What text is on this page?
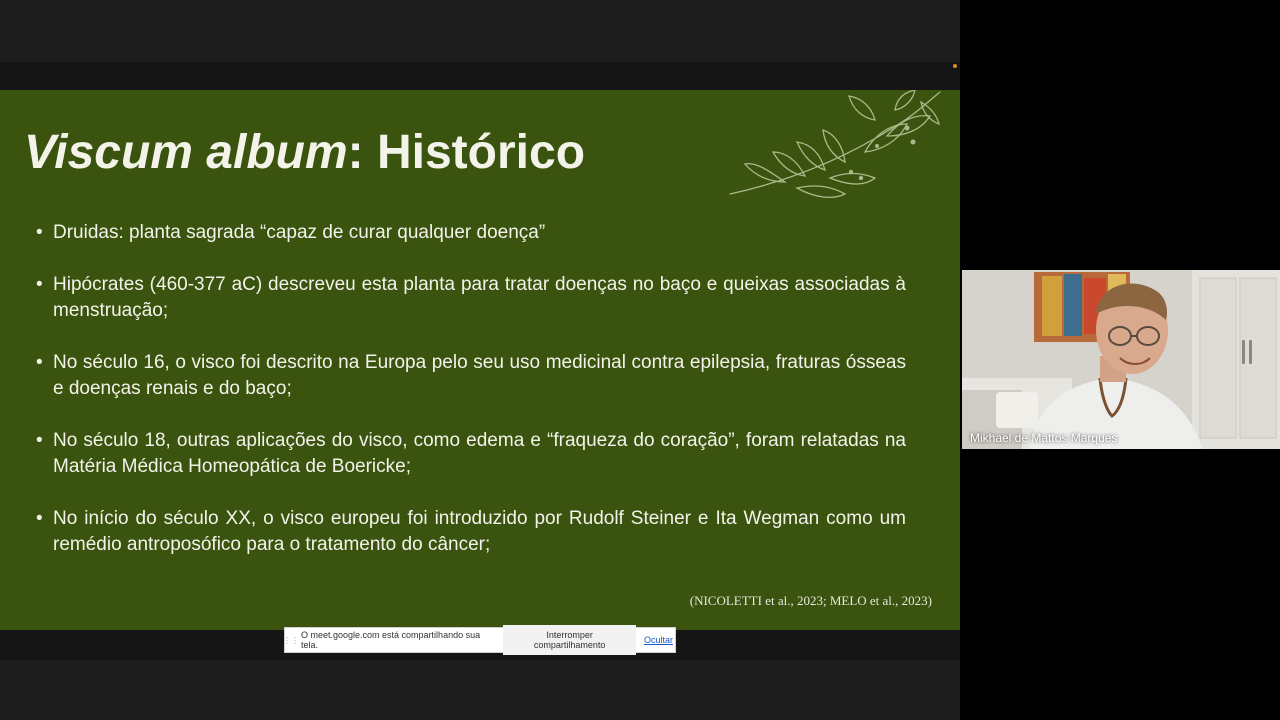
Viscum album: Histórico
• Druidas: planta sagrada “capaz de curar qualquer doença”
• Hipócrates (460-377 aC) descreveu esta planta para tratar doenças no baço e queixas associadas à menstruação;
• No século 16, o visco foi descrito na Europa pelo seu uso medicinal contra epilepsia, fraturas ósseas e doenças renais e do baço;
• No século 18, outras aplicações do visco, como edema e “fraqueza do coração”, foram relatadas na Matéria Médica Homeopática de Boericke;
• No início do século XX, o visco europeu foi introduzido por Rudolf Steiner e Ita Wegman como um remédio antroposófico para o tratamento do câncer;
(NICOLETTI et al., 2023; MELO et al., 2023)
⋮⋮ O meet.google.com está compartilhando sua tela.
Interromper compartilhamento	Ocultar
Mikhael de Mattos Marques
